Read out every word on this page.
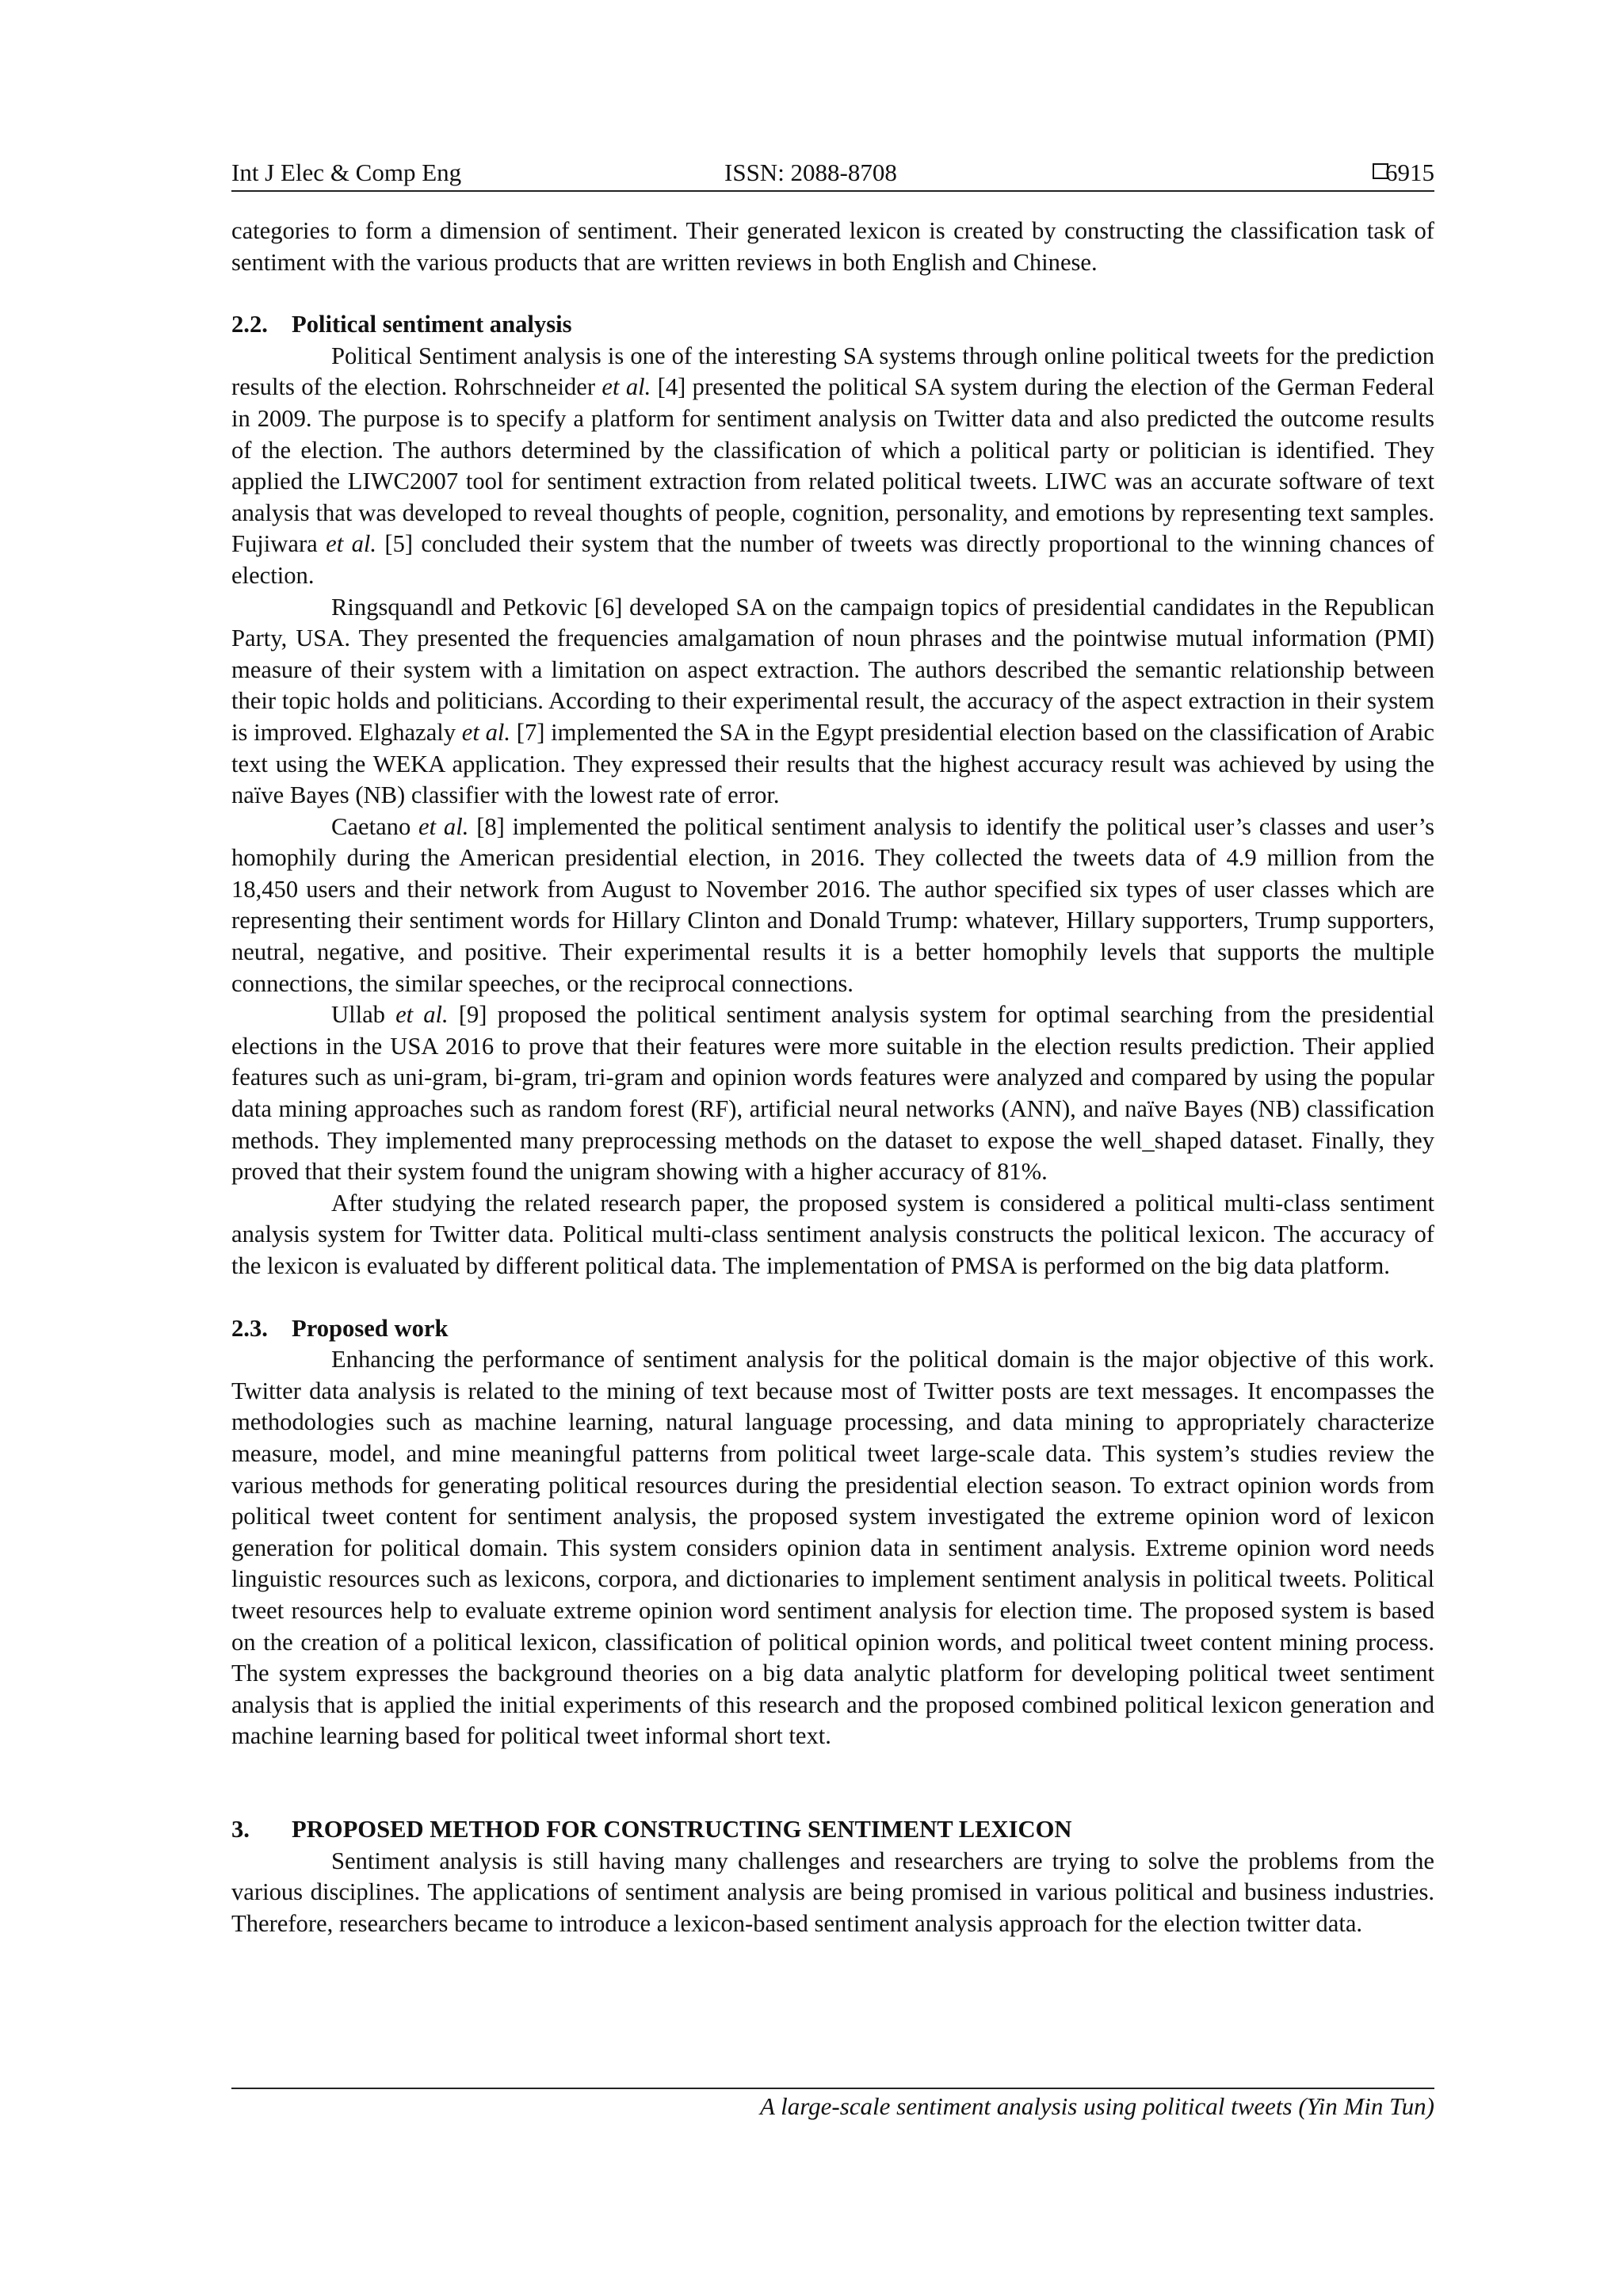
Int J Elec & Comp Eng	ISSN: 2088-8708	6915

categories to form a dimension of sentiment. Their generated lexicon is created by constructing the classification task of sentiment with the various products that are written reviews in both English and Chinese.

2.2. Political sentiment analysis

Political Sentiment analysis is one of the interesting SA systems through online political tweets for the prediction results of the election. Rohrschneider et al. [4] presented the political SA system during the election of the German Federal in 2009. The purpose is to specify a platform for sentiment analysis on Twitter data and also predicted the outcome results of the election. The authors determined by the classification of which a political party or politician is identified. They applied the LIWC2007 tool for sentiment extraction from related political tweets. LIWC was an accurate software of text analysis that was developed to reveal thoughts of people, cognition, personality, and emotions by representing text samples. Fujiwara et al. [5] concluded their system that the number of tweets was directly proportional to the winning chances of election.

Ringsquandl and Petkovic [6] developed SA on the campaign topics of presidential candidates in the Republican Party, USA. They presented the frequencies amalgamation of noun phrases and the pointwise mutual information (PMI) measure of their system with a limitation on aspect extraction. The authors described the semantic relationship between their topic holds and politicians. According to their experimental result, the accuracy of the aspect extraction in their system is improved. Elghazaly et al. [7] implemented the SA in the Egypt presidential election based on the classification of Arabic text using the WEKA application. They expressed their results that the highest accuracy result was achieved by using the naïve Bayes (NB) classifier with the lowest rate of error.

Caetano et al. [8] implemented the political sentiment analysis to identify the political user’s classes and user’s homophily during the American presidential election, in 2016. They collected the tweets data of 4.9 million from the 18,450 users and their network from August to November 2016. The author specified six types of user classes which are representing their sentiment words for Hillary Clinton and Donald Trump: whatever, Hillary supporters, Trump supporters, neutral, negative, and positive. Their experimental results it is a better homophily levels that supports the multiple connections, the similar speeches, or the reciprocal connections.

Ullab et al. [9] proposed the political sentiment analysis system for optimal searching from the presidential elections in the USA 2016 to prove that their features were more suitable in the election results prediction. Their applied features such as uni-gram, bi-gram, tri-gram and opinion words features were analyzed and compared by using the popular data mining approaches such as random forest (RF), artificial neural networks (ANN), and naïve Bayes (NB) classification methods. They implemented many preprocessing methods on the dataset to expose the well_shaped dataset. Finally, they proved that their system found the unigram showing with a higher accuracy of 81%.

After studying the related research paper, the proposed system is considered a political multi-class sentiment analysis system for Twitter data. Political multi-class sentiment analysis constructs the political lexicon. The accuracy of the lexicon is evaluated by different political data. The implementation of PMSA is performed on the big data platform.

2.3. Proposed work

Enhancing the performance of sentiment analysis for the political domain is the major objective of this work. Twitter data analysis is related to the mining of text because most of Twitter posts are text messages. It encompasses the methodologies such as machine learning, natural language processing, and data mining to appropriately characterize measure, model, and mine meaningful patterns from political tweet large-scale data. This system’s studies review the various methods for generating political resources during the presidential election season. To extract opinion words from political tweet content for sentiment analysis, the proposed system investigated the extreme opinion word of lexicon generation for political domain. This system considers opinion data in sentiment analysis. Extreme opinion word needs linguistic resources such as lexicons, corpora, and dictionaries to implement sentiment analysis in political tweets. Political tweet resources help to evaluate extreme opinion word sentiment analysis for election time. The proposed system is based on the creation of a political lexicon, classification of political opinion words, and political tweet content mining process. The system expresses the background theories on a big data analytic platform for developing political tweet sentiment analysis that is applied the initial experiments of this research and the proposed combined political lexicon generation and machine learning based for political tweet informal short text.

3. PROPOSED METHOD FOR CONSTRUCTING SENTIMENT LEXICON

Sentiment analysis is still having many challenges and researchers are trying to solve the problems from the various disciplines. The applications of sentiment analysis are being promised in various political and business industries. Therefore, researchers became to introduce a lexicon-based sentiment analysis approach for the election twitter data.

A large-scale sentiment analysis using political tweets (Yin Min Tun)
